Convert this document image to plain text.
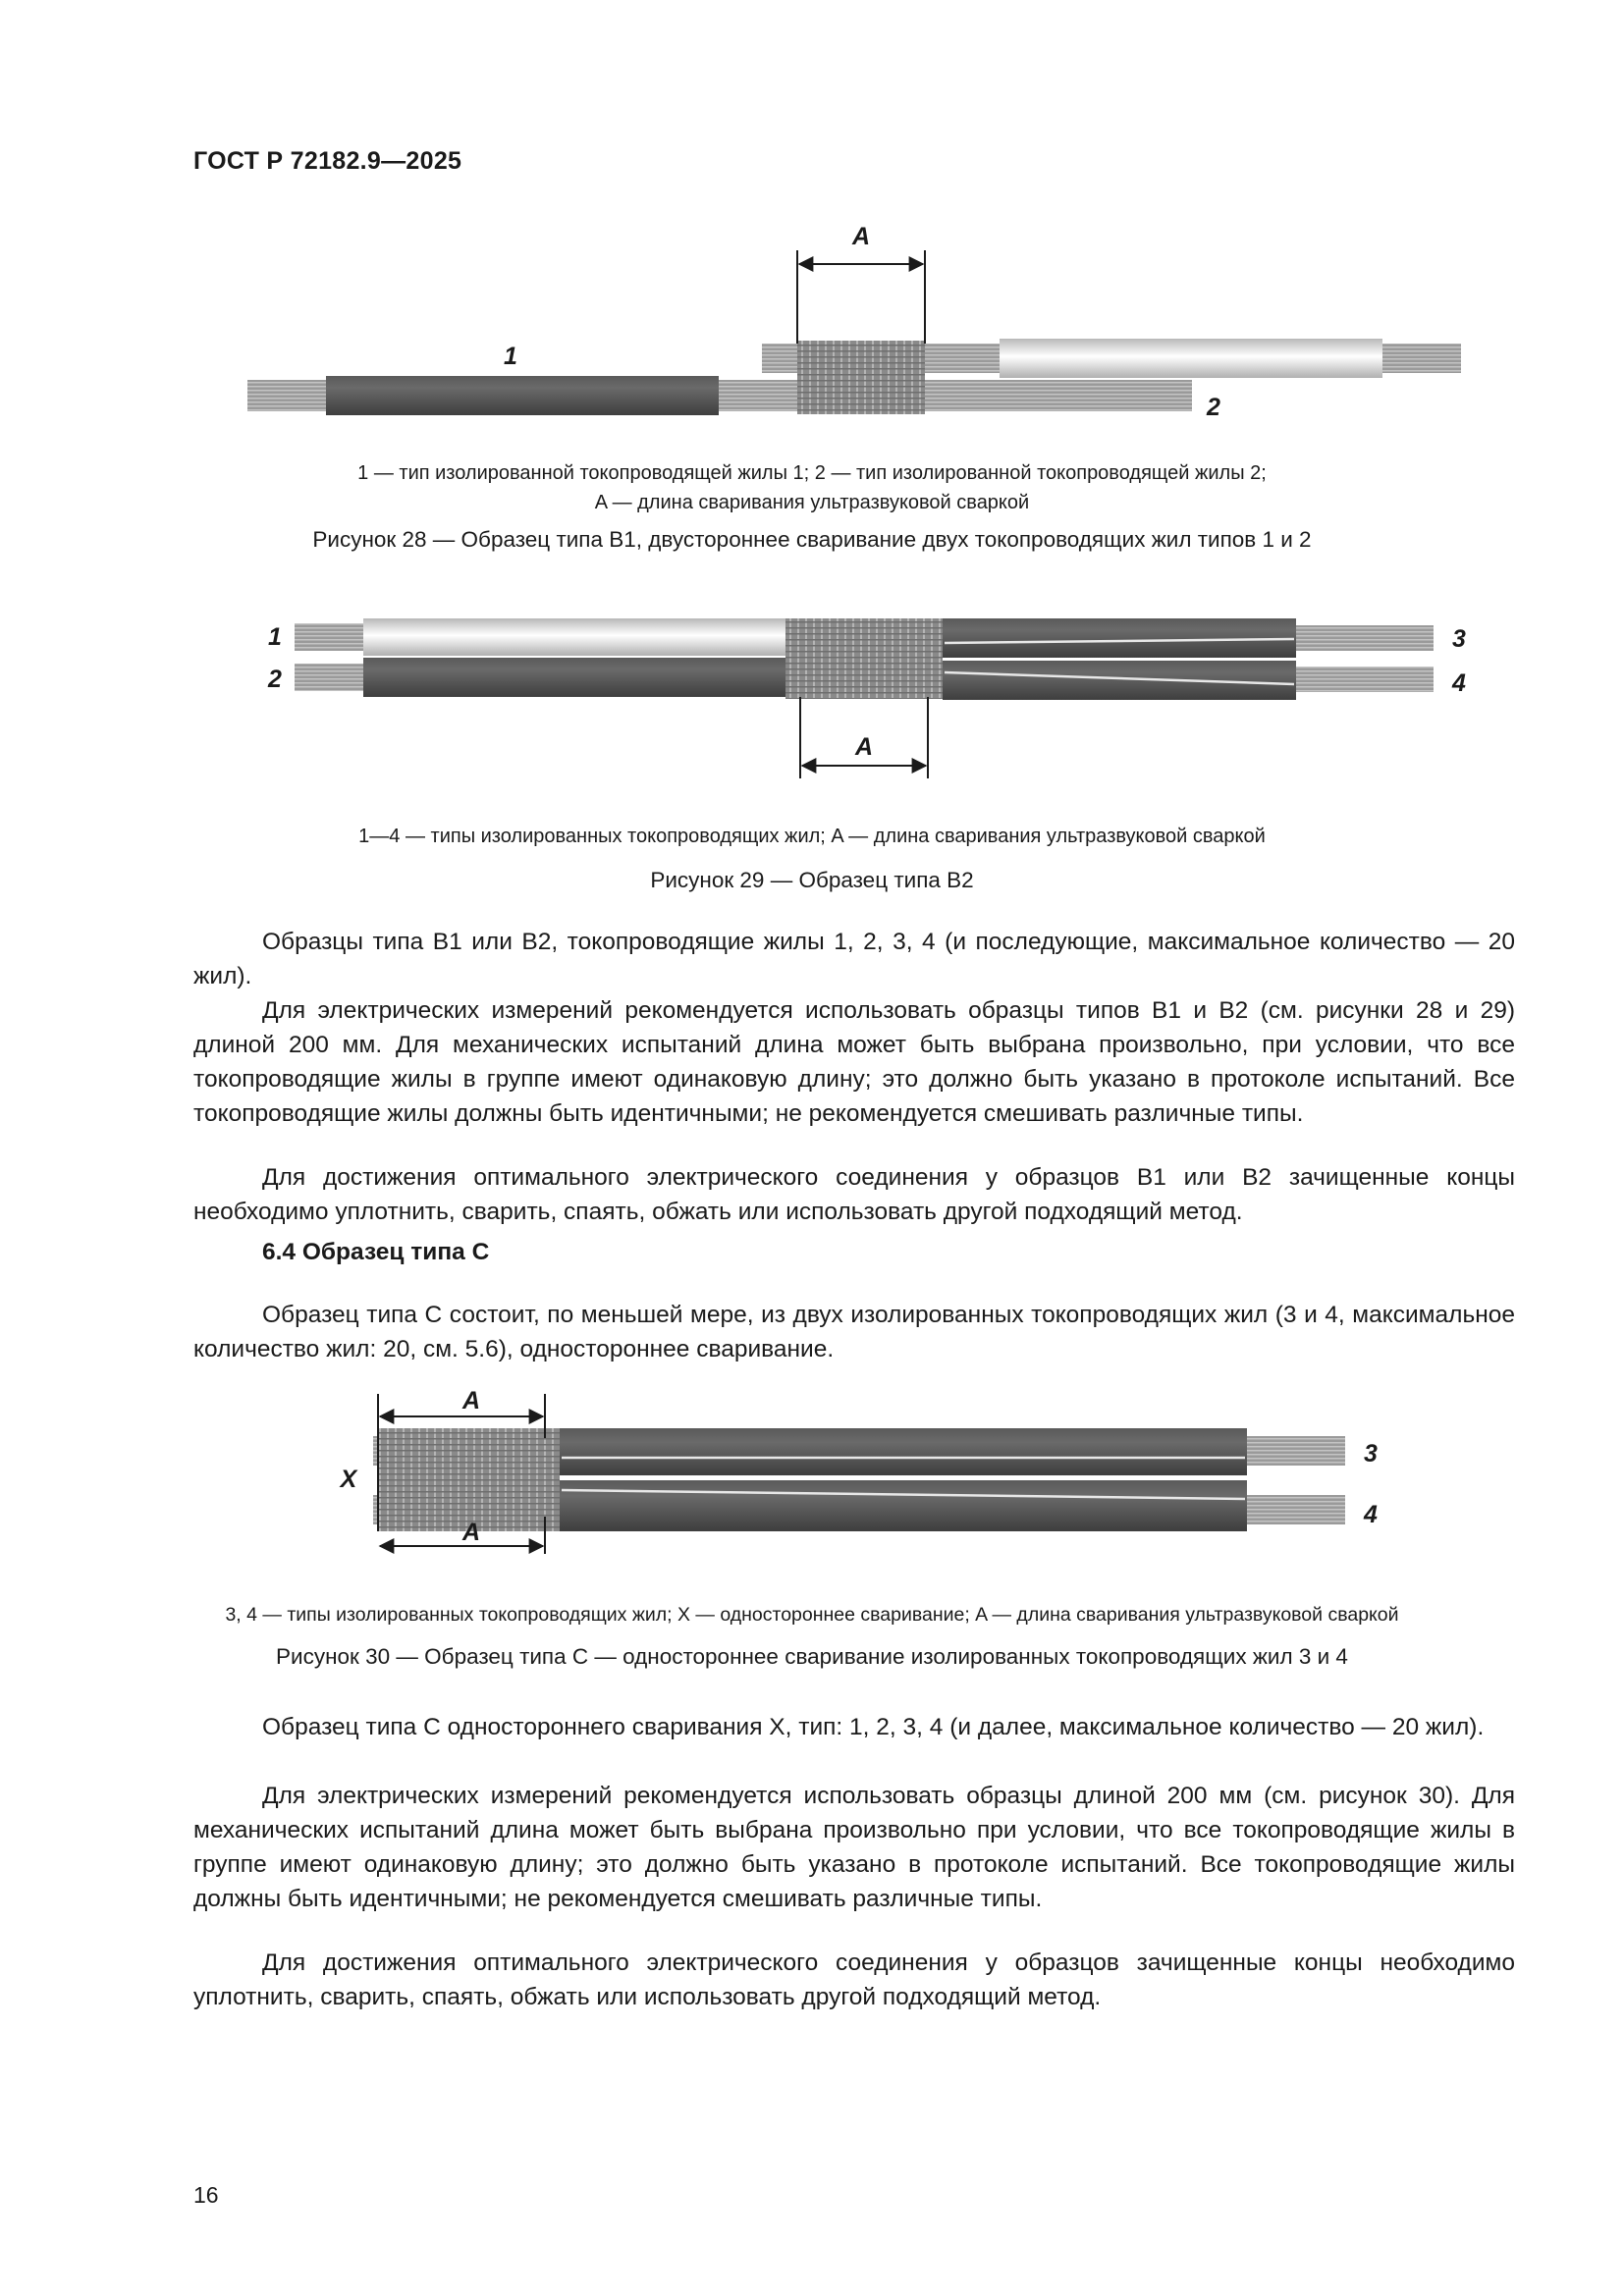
ГОСТ Р 72182.9—2025
A
1
2
1 — тип изолированной токопроводящей жилы 1; 2 — тип изолированной токопроводящей жилы 2;
A — длина сваривания ультразвуковой сваркой
Рисунок 28 — Образец типа В1, двустороннее сваривание двух токопроводящих жил типов 1 и 2
A
1
2
3
4
1—4 — типы изолированных токопроводящих жил; A — длина сваривания ультразвуковой сваркой
Рисунок 29 — Образец типа В2

Образцы типа В1 или В2, токопроводящие жилы 1, 2, 3, 4 (и последующие, максимальное количество — 20 жил).

Для электрических измерений рекомендуется использовать образцы типов В1 и В2 (см. рисунки 28 и 29) длиной 200 мм. Для механических испытаний длина может быть выбрана произвольно, при условии, что все токопроводящие жилы в группе имеют одинаковую длину; это должно быть указано в протоколе испытаний. Все токопроводящие жилы должны быть идентичными; не рекомендуется смешивать различные типы.

Для достижения оптимального электрического соединения у образцов В1 или В2 зачищенные концы необходимо уплотнить, сварить, спаять, обжать или использовать другой подходящий метод.

6.4 Образец типа С

Образец типа С состоит, по меньшей мере, из двух изолированных токопроводящих жил (3 и 4, максимальное количество жил: 20, см. 5.6), одностороннее сваривание.

A
A
X
3
4
3, 4 — типы изолированных токопроводящих жил; X — одностороннее сваривание; A — длина сваривания ультразвуковой сваркой
Рисунок 30 — Образец типа С — одностороннее сваривание изолированных токопроводящих жил 3 и 4

Образец типа С одностороннего сваривания X, тип: 1, 2, 3, 4 (и далее, максимальное количество — 20 жил).

Для электрических измерений рекомендуется использовать образцы длиной 200 мм (см. рисунок 30). Для механических испытаний длина может быть выбрана произвольно при условии, что все токопроводящие жилы в группе имеют одинаковую длину; это должно быть указано в протоколе испытаний. Все токопроводящие жилы должны быть идентичными; не рекомендуется смешивать различные типы.

Для достижения оптимального электрического соединения у образцов зачищенные концы необходимо уплотнить, сварить, спаять, обжать или использовать другой подходящий метод.

16
